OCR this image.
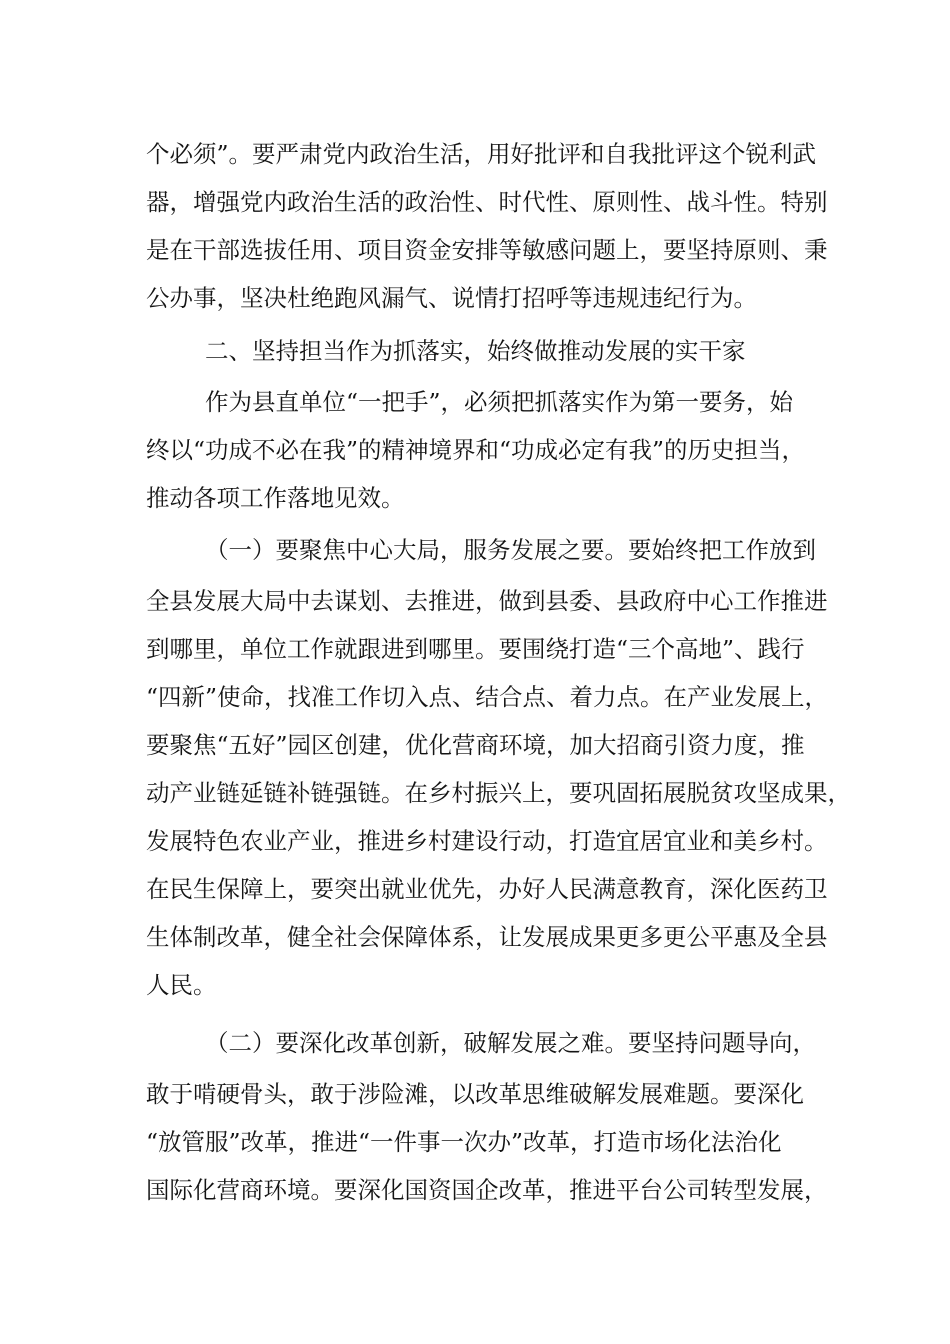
个必须”。要严肃党内政治生活，用好批评和自我批评这个锐利武

器，增强党内政治生活的政治性、时代性、原则性、战斗性。特别

是在干部选拔任用、项目资金安排等敏感问题上，要坚持原则、秉

公办事，坚决杜绝跑风漏气、说情打招呼等违规违纪行为。

二、坚持担当作为抓落实，始终做推动发展的实干家

作为县直单位“一把手”，必须把抓落实作为第一要务，始

终以“功成不必在我”的精神境界和“功成必定有我”的历史担当，

推动各项工作落地见效。

（一）要聚焦中心大局，服务发展之要。要始终把工作放到

全县发展大局中去谋划、去推进，做到县委、县政府中心工作推进

到哪里，单位工作就跟进到哪里。要围绕打造“三个高地”、践行

“四新”使命，找准工作切入点、结合点、着力点。在产业发展上，

要聚焦“五好”园区创建，优化营商环境，加大招商引资力度，推

动产业链延链补链强链。在乡村振兴上，要巩固拓展脱贫攻坚成果，

发展特色农业产业，推进乡村建设行动，打造宜居宜业和美乡村。

在民生保障上，要突出就业优先，办好人民满意教育，深化医药卫

生体制改革，健全社会保障体系，让发展成果更多更公平惠及全县

人民。

（二）要深化改革创新，破解发展之难。要坚持问题导向，

敢于啃硬骨头，敢于涉险滩，以改革思维破解发展难题。要深化

“放管服”改革，推进“一件事一次办”改革，打造市场化法治化

国际化营商环境。要深化国资国企改革，推进平台公司转型发展，
